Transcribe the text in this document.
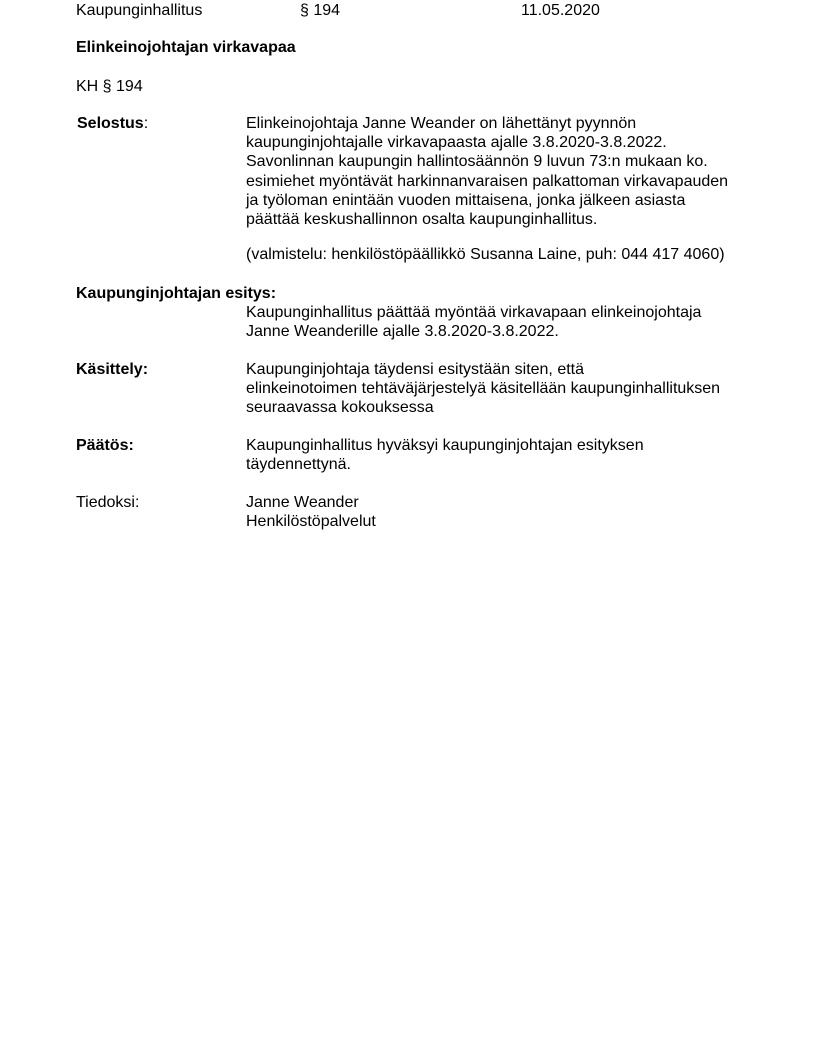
Kaupunginhallitus	§ 194	11.05.2020
Elinkeinojohtajan virkavapaa
KH § 194
Selostus:	Elinkeinojohtaja Janne Weander on lähettänyt pyynnön
kaupunginjohtajalle virkavapaasta ajalle 3.8.2020-3.8.2022.
Savonlinnan kaupungin hallintosäännön 9 luvun 73:n mukaan ko.
esimiehet myöntävät harkinnanvaraisen palkattoman virkavapauden
ja työloman enintään vuoden mittaisena, jonka jälkeen asiasta
päättää keskushallinnon osalta kaupunginhallitus.
(valmistelu: henkilöstöpäällikkö Susanna Laine, puh: 044 417 4060)
Kaupunginjohtajan esitys:
Kaupunginhallitus päättää myöntää virkavapaan elinkeinojohtaja
Janne Weanderille ajalle 3.8.2020-3.8.2022.
Käsittely:	Kaupunginjohtaja täydensi esitystään siten, että
elinkeinotoimen tehtäväjärjestelyä käsitellään kaupunginhallituksen
seuraavassa kokouksessa
Päätös:	Kaupunginhallitus hyväksyi kaupunginjohtajan esityksen
täydennettynä.
Tiedoksi:	Janne Weander
Henkilöstöpalvelut
